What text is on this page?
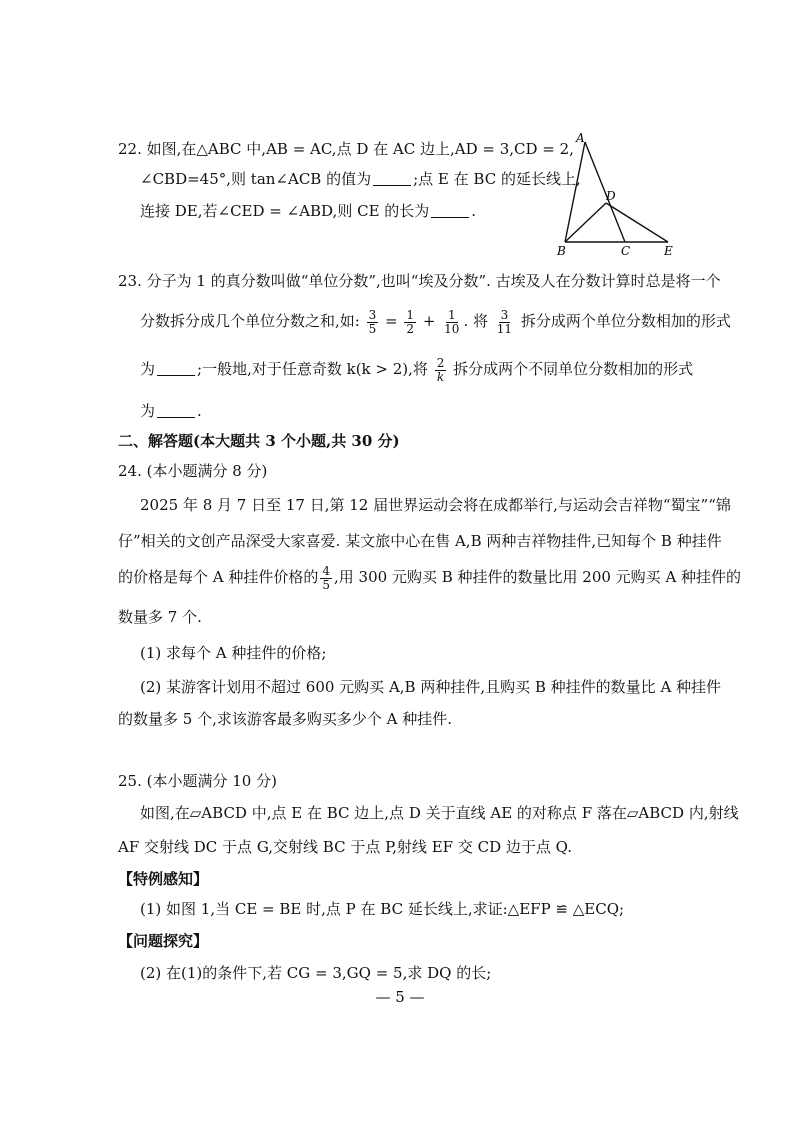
22. 如图,在△ABC 中,AB = AC,点 D 在 AC 边上,AD = 3,CD = 2,
∠CBD=45°,则 tan∠ACB 的值为	;点 E 在 BC 的延长线上,
连接 DE,若∠CED = ∠ABD,则 CE 的长为	.
A
D
B	C	E
23. 分子为 1 的真分数叫做“单位分数”,也叫“埃及分数”. 古埃及人在分数计算时总是将一个
分数拆分成几个单位分数之和,如: $\frac{3}{5} = \frac{1}{2} + \frac{1}{10}$ . 将 $\frac{3}{11}$ 拆分成两个单位分数相加的形式
为	;一般地,对于任意奇数 k(k > 2),将 $\frac{2}{k}$ 拆分成两个不同单位分数相加的形式
为	.
二、解答题(本大题共 3 个小题,共 30 分)
24. (本小题满分 8 分)
2025 年 8 月 7 日至 17 日,第 12 届世界运动会将在成都举行,与运动会吉祥物“蜀宝”“锦
仔”相关的文创产品深受大家喜爱. 某文旅中心在售 A,B 两种吉祥物挂件,已知每个 B 种挂件
的价格是每个 A 种挂件价格的 $\frac{4}{5}$ ,用 300 元购买 B 种挂件的数量比用 200 元购买 A 种挂件的
数量多 7 个.
(1) 求每个 A 种挂件的价格;
(2) 某游客计划用不超过 600 元购买 A,B 两种挂件,且购买 B 种挂件的数量比 A 种挂件
的数量多 5 个,求该游客最多购买多少个 A 种挂件.
25. (本小题满分 10 分)
如图,在▱ABCD 中,点 E 在 BC 边上,点 D 关于直线 AE 的对称点 F 落在▱ABCD 内,射线
AF 交射线 DC 于点 G,交射线 BC 于点 P,射线 EF 交 CD 边于点 Q.
【特例感知】
(1) 如图 1,当 CE = BE 时,点 P 在 BC 延长线上,求证:△EFP ≌ △ECQ;
【问题探究】
(2) 在(1)的条件下,若 CG = 3,GQ = 5,求 DQ 的长;
— 5 —
